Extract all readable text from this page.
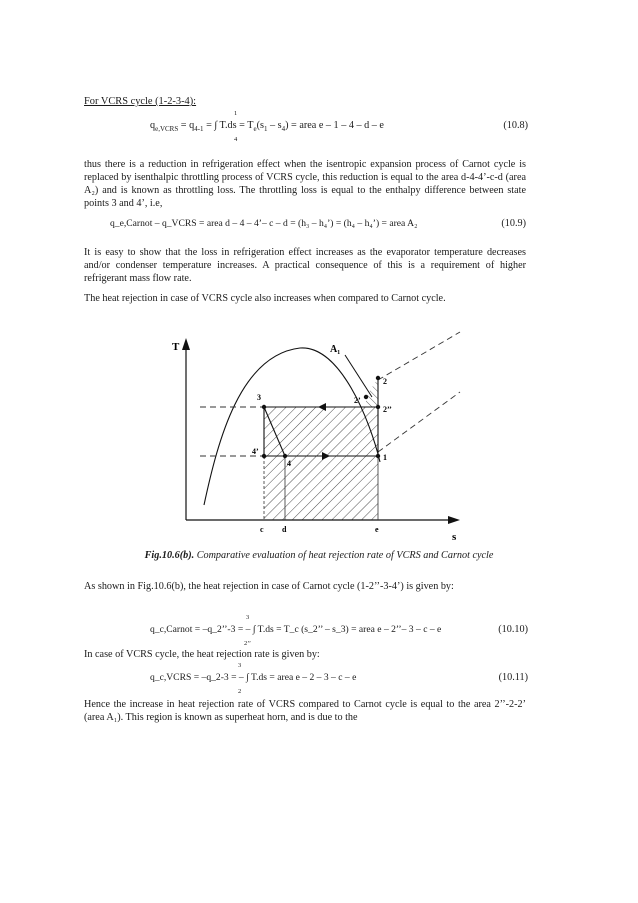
For VCRS cycle (1-2-3-4):
$q_{e,VCRS} = q_{4-1}$ = ∫ $T.ds = T_e(s_1 - s_4)$ = area e – 1 – 4 – d – e
1
4
(10.8)
thus there is a reduction in refrigeration effect when the isentropic expansion process of Carnot cycle is replaced by isenthalpic throttling process of VCRS cycle, this reduction is equal to the area d-4-4’-c-d (area A₂) and is known as throttling loss. The throttling loss is equal to the enthalpy difference between state points 3 and 4’, i.e,
q_e,Carnot – q_VCRS = area d – 4 – 4’– c – d = (h₃ – h₄’) = (h₄ – h₄’) = area A₂	(10.9)
It is easy to show that the loss in refrigeration effect increases as the evaporator temperature decreases and/or condenser temperature increases. A practical consequence of this is a requirement of higher refrigerant mass flow rate.
The heat rejection in case of VCRS cycle also increases when compared to Carnot cycle.
T
s
A₁
2
2’
2’’
3
4’
4
1
c d	e
Fig.10.6(b). Comparative evaluation of heat rejection rate of VCRS and Carnot cycle
As shown in Fig.10.6(b), the heat rejection in case of Carnot cycle (1-2’’-3-4’) is given by:
q_c,Carnot = –q_2’’-3 = – ∫ T.ds = T_c (s_2’’ – s_3) = area e – 2’’– 3 – c – e
3
2’’
(10.10)
In case of VCRS cycle, the heat rejection rate is given by:
q_c,VCRS = –q_2-3 = – ∫ T.ds = area e – 2 – 3 – c – e
3
2
(10.11)
Hence the increase in heat rejection rate of VCRS compared to Carnot cycle is equal to the area 2’’-2-2’ (area A₁). This region is known as superheat horn, and is due to the
